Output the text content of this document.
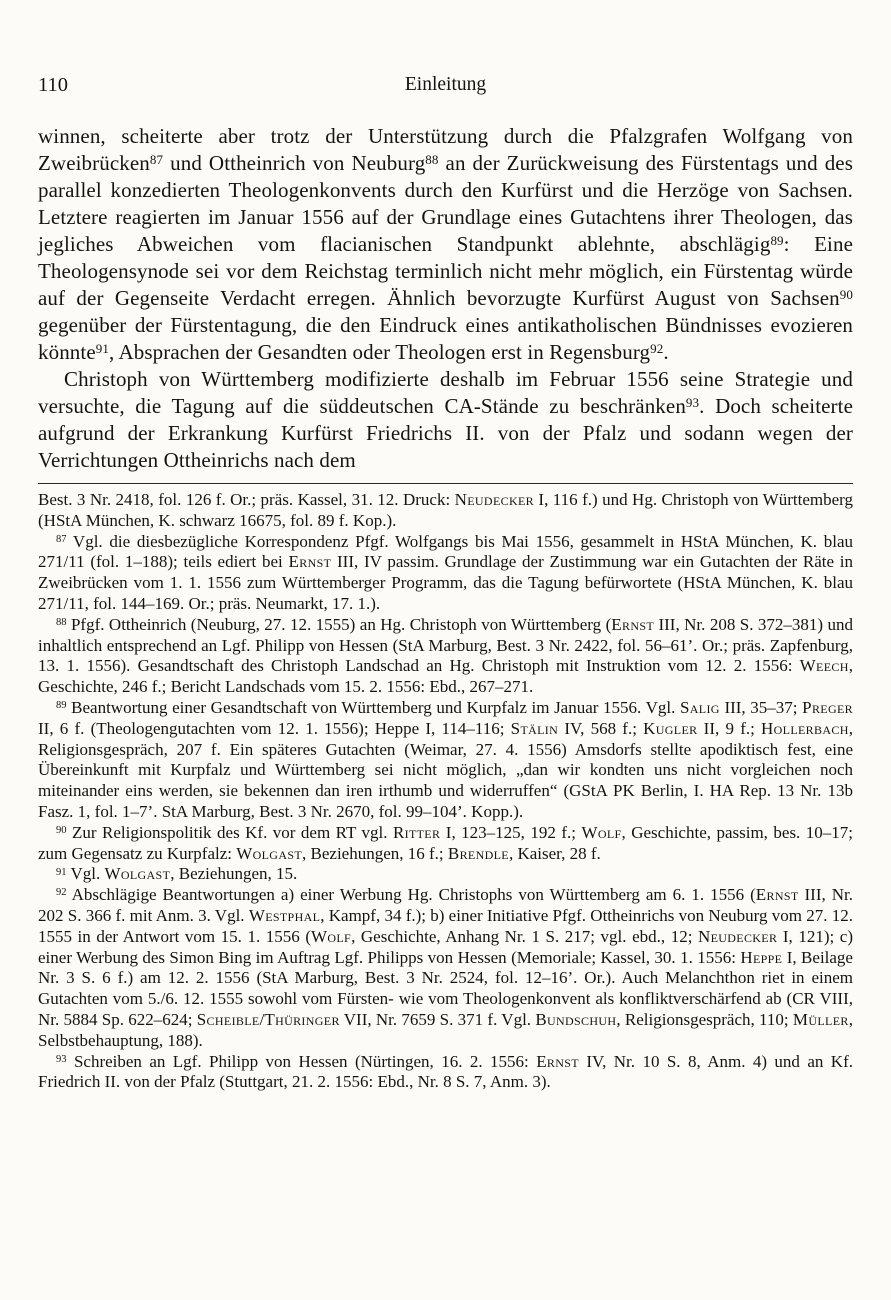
110	Einleitung

winnen, scheiterte aber trotz der Unterstützung durch die Pfalzgrafen Wolfgang von Zweibrücken$^{87}$ und Ottheinrich von Neuburg$^{88}$ an der Zurückweisung des Fürstentags und des parallel konzedierten Theologenkonvents durch den Kurfürst und die Herzöge von Sachsen. Letztere reagierten im Januar 1556 auf der Grundlage eines Gutachtens ihrer Theologen, das jegliches Abweichen vom flacianischen Standpunkt ablehnte, abschlägig$^{89}$: Eine Theologensynode sei vor dem Reichstag terminlich nicht mehr möglich, ein Fürstentag würde auf der Gegenseite Verdacht erregen. Ähnlich bevorzugte Kurfürst August von Sachsen$^{90}$ gegenüber der Fürstentagung, die den Eindruck eines antikatholischen Bündnisses evozieren könnte$^{91}$, Absprachen der Gesandten oder Theologen erst in Regensburg$^{92}$.

Christoph von Württemberg modifizierte deshalb im Februar 1556 seine Strategie und versuchte, die Tagung auf die süddeutschen CA-Stände zu beschränken$^{93}$. Doch scheiterte aufgrund der Erkrankung Kurfürst Friedrichs II. von der Pfalz und sodann wegen der Verrichtungen Ottheinrichs nach dem

Best. 3 Nr. 2418, fol. 126 f. Or.; präs. Kassel, 31. 12. Druck: Neudecker I, 116 f.) und Hg. Christoph von Württemberg (HStA München, K. schwarz 16675, fol. 89 f. Kop.).

$^{87}$ Vgl. die diesbezügliche Korrespondenz Pfgf. Wolfgangs bis Mai 1556, gesammelt in HStA München, K. blau 271/11 (fol. 1–188); teils ediert bei Ernst III, IV passim. Grundlage der Zustimmung war ein Gutachten der Räte in Zweibrücken vom 1. 1. 1556 zum Württemberger Programm, das die Tagung befürwortete (HStA München, K. blau 271/11, fol. 144–169. Or.; präs. Neumarkt, 17. 1.).

$^{88}$ Pfgf. Ottheinrich (Neuburg, 27. 12. 1555) an Hg. Christoph von Württemberg (Ernst III, Nr. 208 S. 372–381) und inhaltlich entsprechend an Lgf. Philipp von Hessen (StA Marburg, Best. 3 Nr. 2422, fol. 56–61’. Or.; präs. Zapfenburg, 13. 1. 1556). Gesandtschaft des Christoph Landschad an Hg. Christoph mit Instruktion vom 12. 2. 1556: Weech, Geschichte, 246 f.; Bericht Landschads vom 15. 2. 1556: Ebd., 267–271.

$^{89}$ Beantwortung einer Gesandtschaft von Württemberg und Kurpfalz im Januar 1556. Vgl. Salig III, 35–37; Preger II, 6 f. (Theologengutachten vom 12. 1. 1556); Heppe I, 114–116; Stälin IV, 568 f.; Kugler II, 9 f.; Hollerbach, Religionsgespräch, 207 f. Ein späteres Gutachten (Weimar, 27. 4. 1556) Amsdorfs stellte apodiktisch fest, eine Übereinkunft mit Kurpfalz und Württemberg sei nicht möglich, „dan wir kondten uns nicht vorgleichen noch miteinander eins werden, sie bekennen dan iren irthumb und widerruffen“ (GStA PK Berlin, I. HA Rep. 13 Nr. 13b Fasz. 1, fol. 1–7’. StA Marburg, Best. 3 Nr. 2670, fol. 99–104’. Kopp.).

$^{90}$ Zur Religionspolitik des Kf. vor dem RT vgl. Ritter I, 123–125, 192 f.; Wolf, Geschichte, passim, bes. 10–17; zum Gegensatz zu Kurpfalz: Wolgast, Beziehungen, 16 f.; Brendle, Kaiser, 28 f.

$^{91}$ Vgl. Wolgast, Beziehungen, 15.

$^{92}$ Abschlägige Beantwortungen a) einer Werbung Hg. Christophs von Württemberg am 6. 1. 1556 (Ernst III, Nr. 202 S. 366 f. mit Anm. 3. Vgl. Westphal, Kampf, 34 f.); b) einer Initiative Pfgf. Ottheinrichs von Neuburg vom 27. 12. 1555 in der Antwort vom 15. 1. 1556 (Wolf, Geschichte, Anhang Nr. 1 S. 217; vgl. ebd., 12; Neudecker I, 121); c) einer Werbung des Simon Bing im Auftrag Lgf. Philipps von Hessen (Memoriale; Kassel, 30. 1. 1556: Heppe I, Beilage Nr. 3 S. 6 f.) am 12. 2. 1556 (StA Marburg, Best. 3 Nr. 2524, fol. 12–16’. Or.). Auch Melanchthon riet in einem Gutachten vom 5./6. 12. 1555 sowohl vom Fürsten- wie vom Theologenkonvent als konfliktverschärfend ab (CR VIII, Nr. 5884 Sp. 622–624; Scheible/Thüringer VII, Nr. 7659 S. 371 f. Vgl. Bundschuh, Religionsgespräch, 110; Müller, Selbstbehauptung, 188).

$^{93}$ Schreiben an Lgf. Philipp von Hessen (Nürtingen, 16. 2. 1556: Ernst IV, Nr. 10 S. 8, Anm. 4) und an Kf. Friedrich II. von der Pfalz (Stuttgart, 21. 2. 1556: Ebd., Nr. 8 S. 7, Anm. 3).
